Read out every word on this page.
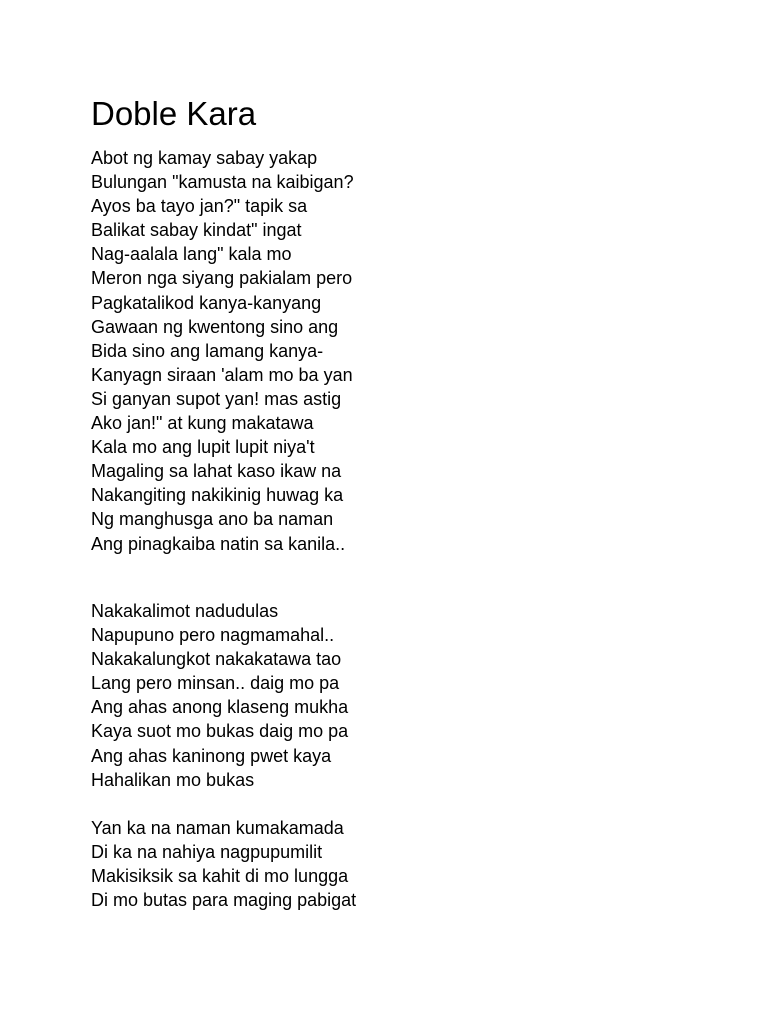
Doble Kara
Abot ng kamay sabay yakap
Bulungan "kamusta na kaibigan?
Ayos ba tayo jan?" tapik sa
Balikat sabay kindat" ingat
Nag-aalala lang" kala mo
Meron nga siyang pakialam pero
Pagkatalikod kanya-kanyang
Gawaan ng kwentong sino ang
Bida sino ang lamang kanya-
Kanyagn siraan 'alam mo ba yan
Si ganyan supot yan! mas astig
Ako jan!" at kung makatawa
Kala mo ang lupit lupit niya't
Magaling sa lahat kaso ikaw na
Nakangiting nakikinig huwag ka
Ng manghusga ano ba naman
Ang pinagkaiba natin sa kanila..
Nakakalimot nadudulas
Napupuno pero nagmamahal..
Nakakalungkot nakakatawa tao
Lang pero minsan.. daig mo pa
Ang ahas anong klaseng mukha
Kaya suot mo bukas daig mo pa
Ang ahas kaninong pwet kaya
Hahalikan mo bukas
Yan ka na naman kumakamada
Di ka na nahiya nagpupumilit
Makisiksik sa kahit di mo lungga
Di mo butas para maging pabigat
